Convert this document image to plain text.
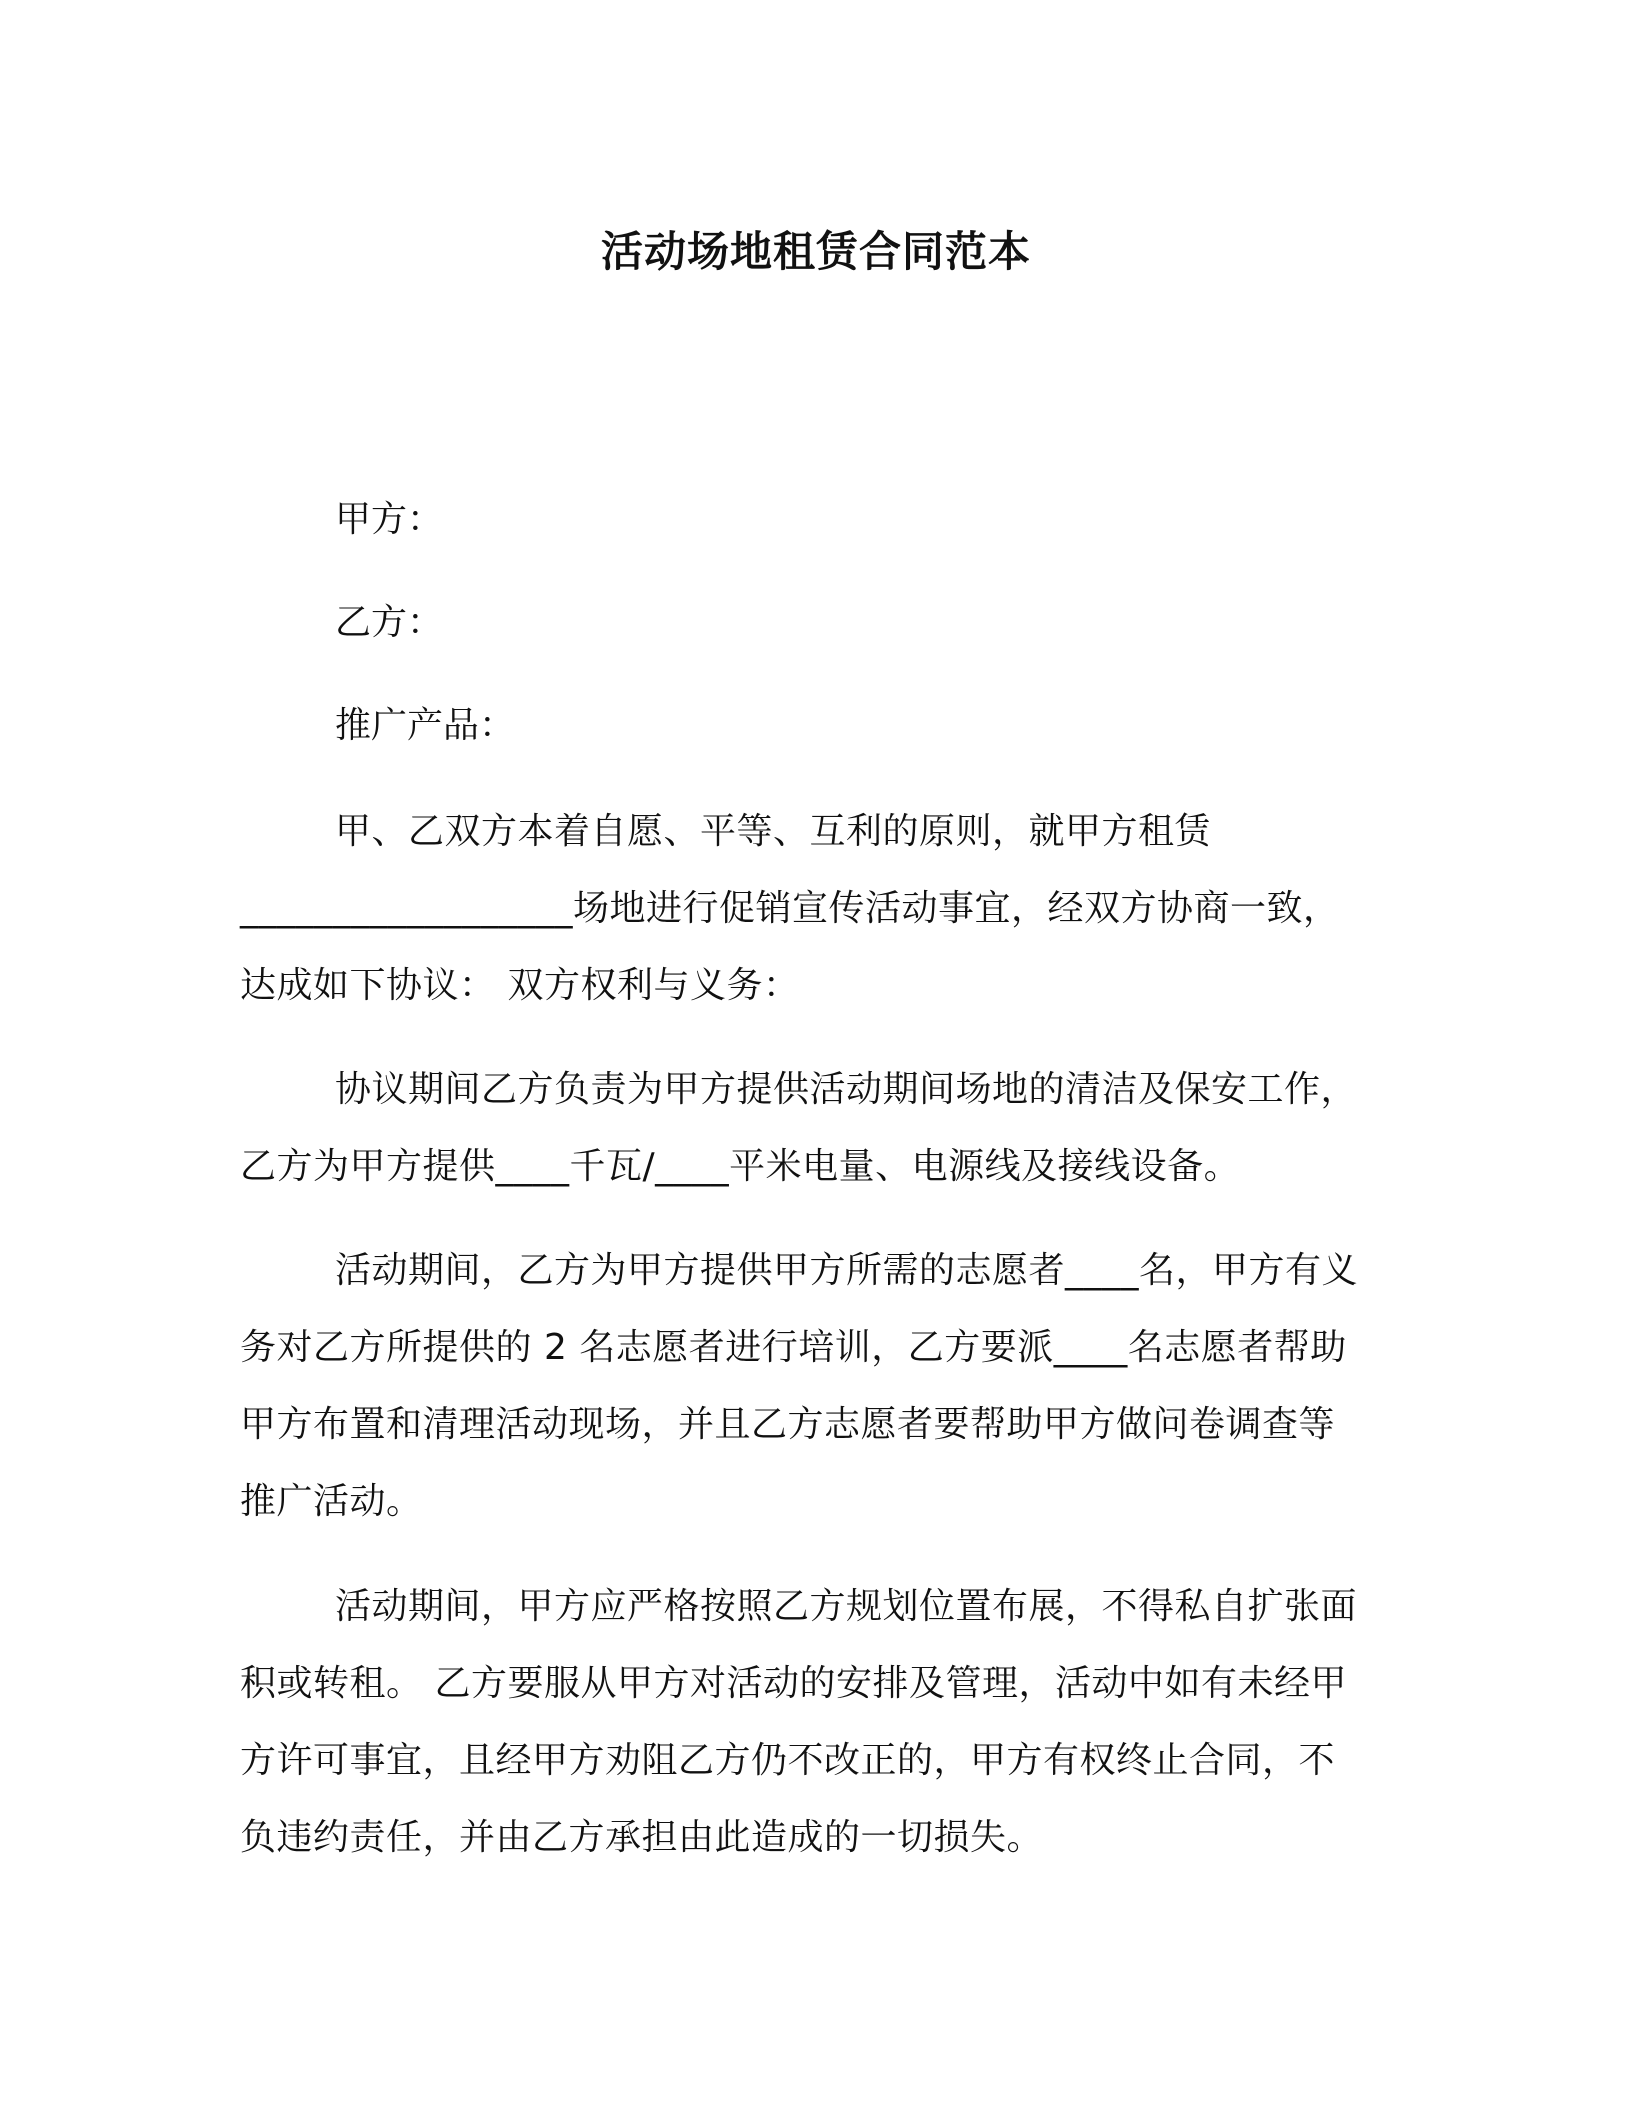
活动场地租赁合同范本
甲方：
乙方：
推广产品：
甲、乙双方本着自愿、平等、互利的原则，就甲方租赁
__________________场地进行促销宣传活动事宜，经双方协商一致，
达成如下协议： 双方权利与义务：
协议期间乙方负责为甲方提供活动期间场地的清洁及保安工作，
乙方为甲方提供____千瓦/____平米电量、电源线及接线设备。
活动期间，乙方为甲方提供甲方所需的志愿者____名，甲方有义
务对乙方所提供的 2 名志愿者进行培训，乙方要派____名志愿者帮助
甲方布置和清理活动现场，并且乙方志愿者要帮助甲方做问卷调查等
推广活动。
活动期间，甲方应严格按照乙方规划位置布展，不得私自扩张面
积或转租。 乙方要服从甲方对活动的安排及管理，活动中如有未经甲
方许可事宜，且经甲方劝阻乙方仍不改正的，甲方有权终止合同，不
负违约责任，并由乙方承担由此造成的一切损失。
